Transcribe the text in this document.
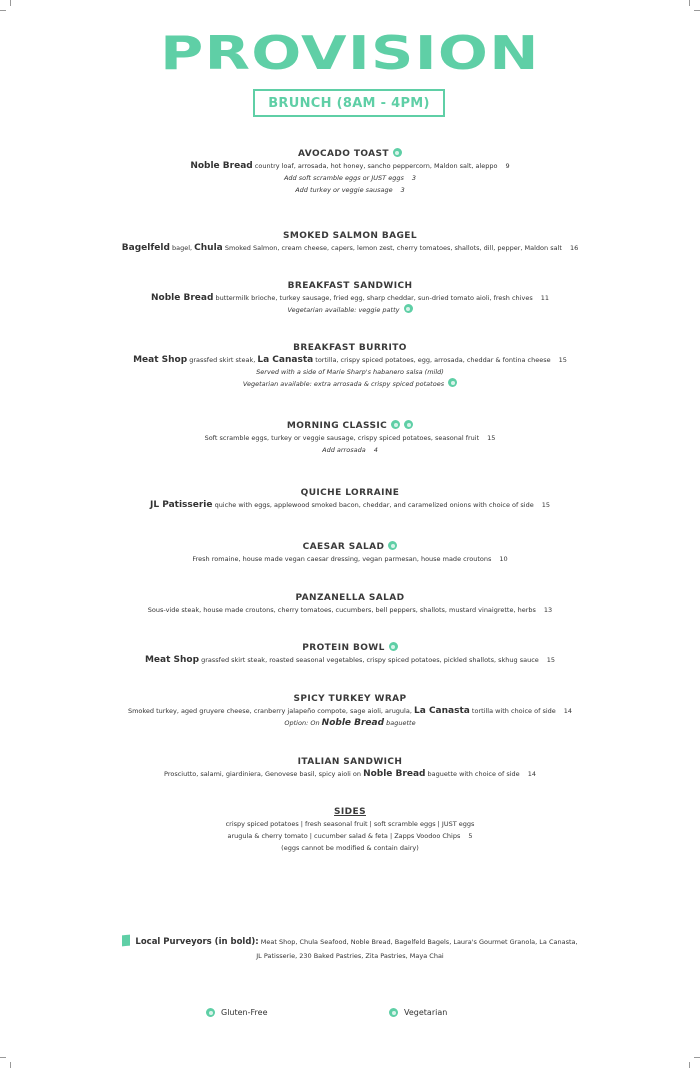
PROVISION
BRUNCH (8AM - 4PM)
AVOCADO TOAST
Noble Bread country loaf, arrosada, hot honey, sancho peppercorn, Maldon salt, aleppo 9
Add soft scramble eggs or JUST eggs 3
Add turkey or veggie sausage 3
SMOKED SALMON BAGEL
Bagelfeld bagel, Chula Smoked Salmon, cream cheese, capers, lemon zest, cherry tomatoes, shallots, dill, pepper, Maldon salt 16
BREAKFAST SANDWICH
Noble Bread buttermilk brioche, turkey sausage, fried egg, sharp cheddar, sun-dried tomato aioli, fresh chives 11
Vegetarian available: veggie patty
BREAKFAST BURRITO
Meat Shop grassfed skirt steak, La Canasta tortilla, crispy spiced potatoes, egg, arrosada, cheddar & fontina cheese 15
Served with a side of Marie Sharp's habanero salsa (mild)
Vegetarian available: extra arrosada & crispy spiced potatoes
MORNING CLASSIC
Soft scramble eggs, turkey or veggie sausage, crispy spiced potatoes, seasonal fruit 15
Add arrosada 4
QUICHE LORRAINE
JL Patisserie quiche with eggs, applewood smoked bacon, cheddar, and caramelized onions with choice of side 15
CAESAR SALAD
Fresh romaine, house made vegan caesar dressing, vegan parmesan, house made croutons 10
PANZANELLA SALAD
Sous-vide steak, house made croutons, cherry tomatoes, cucumbers, bell peppers, shallots, mustard vinaigrette, herbs 13
PROTEIN BOWL
Meat Shop grassfed skirt steak, roasted seasonal vegetables, crispy spiced potatoes, pickled shallots, skhug sauce 15
SPICY TURKEY WRAP
Smoked turkey, aged gruyere cheese, cranberry jalapeño compote, sage aioli, arugula, La Canasta tortilla with choice of side 14
Option: On Noble Bread baguette
ITALIAN SANDWICH
Prosciutto, salami, giardiniera, Genovese basil, spicy aioli on Noble Bread baguette with choice of side 14
SIDES
crispy spiced potatoes | fresh seasonal fruit | soft scramble eggs | JUST eggs
arugula & cherry tomato | cucumber salad & feta | Zapps Voodoo Chips 5
(eggs cannot be modified & contain dairy)
Local Purveyors (in bold): Meat Shop, Chula Seafood, Noble Bread, Bagelfeld Bagels, Laura's Gourmet Granola, La Canasta,
JL Patisserie, 230 Baked Pastries, Zita Pastries, Maya Chai
Gluten-Free	Vegetarian
